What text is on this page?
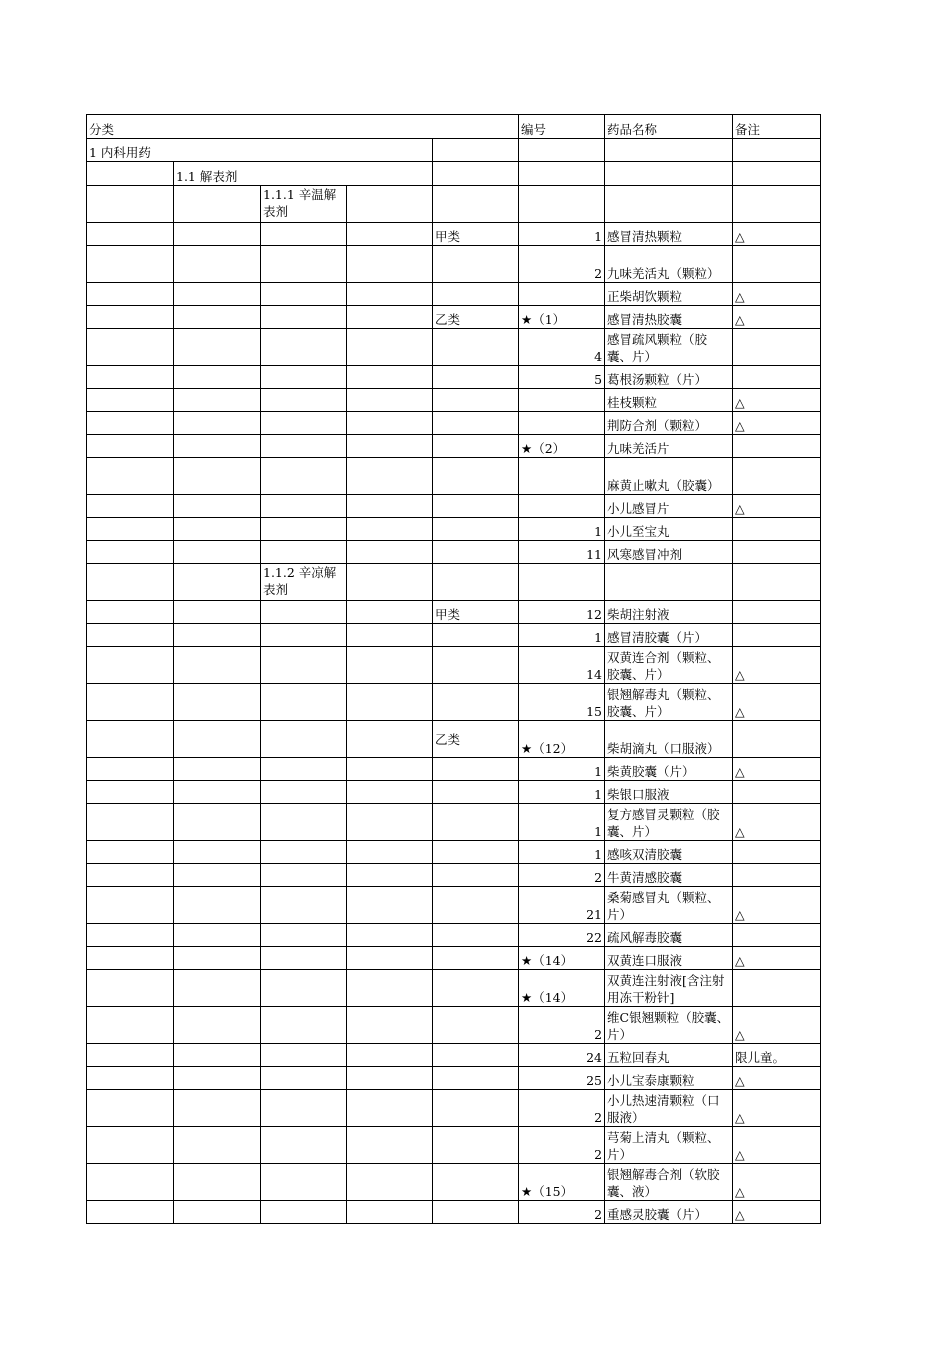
分类					编号	药品名称	备注
1 内科用药							
	1.1 解表剂						
		1.1.1 辛温解表剂					
				甲类	1	感冒清热颗粒	△
					2	九味羌活丸（颗粒）	
						正柴胡饮颗粒	△
				乙类	★（1）	感冒清热胶囊	△
					4	感冒疏风颗粒（胶囊、片）	
					5	葛根汤颗粒（片）	
						桂枝颗粒	△
						荆防合剂（颗粒）	△
					★（2）	九味羌活片	
						麻黄止嗽丸（胶囊）	
						小儿感冒片	△
					1	小儿至宝丸	
					11	风寒感冒冲剂	
		1.1.2 辛凉解表剂					
				甲类	12	柴胡注射液	
					1	感冒清胶囊（片）	
					14	双黄连合剂（颗粒、胶囊、片）	△
					15	银翘解毒丸（颗粒、胶囊、片）	△
				乙类	★（12）	柴胡滴丸（口服液）	
					1	柴黄胶囊（片）	△
					1	柴银口服液	
					1	复方感冒灵颗粒（胶囊、片）	△
					1	感咳双清胶囊	
					2	牛黄清感胶囊	
					21	桑菊感冒丸（颗粒、片）	△
					22	疏风解毒胶囊	
					★（14）	双黄连口服液	△
					★（14）	双黄连注射液[含注射用冻干粉针]	
					2	维C银翘颗粒（胶囊、片）	△
					24	五粒回春丸	限儿童。
					25	小儿宝泰康颗粒	△
					2	小儿热速清颗粒（口服液）	△
					2	芎菊上清丸（颗粒、片）	△
					★（15）	银翘解毒合剂（软胶囊、液）	△
					2	重感灵胶囊（片）	△
